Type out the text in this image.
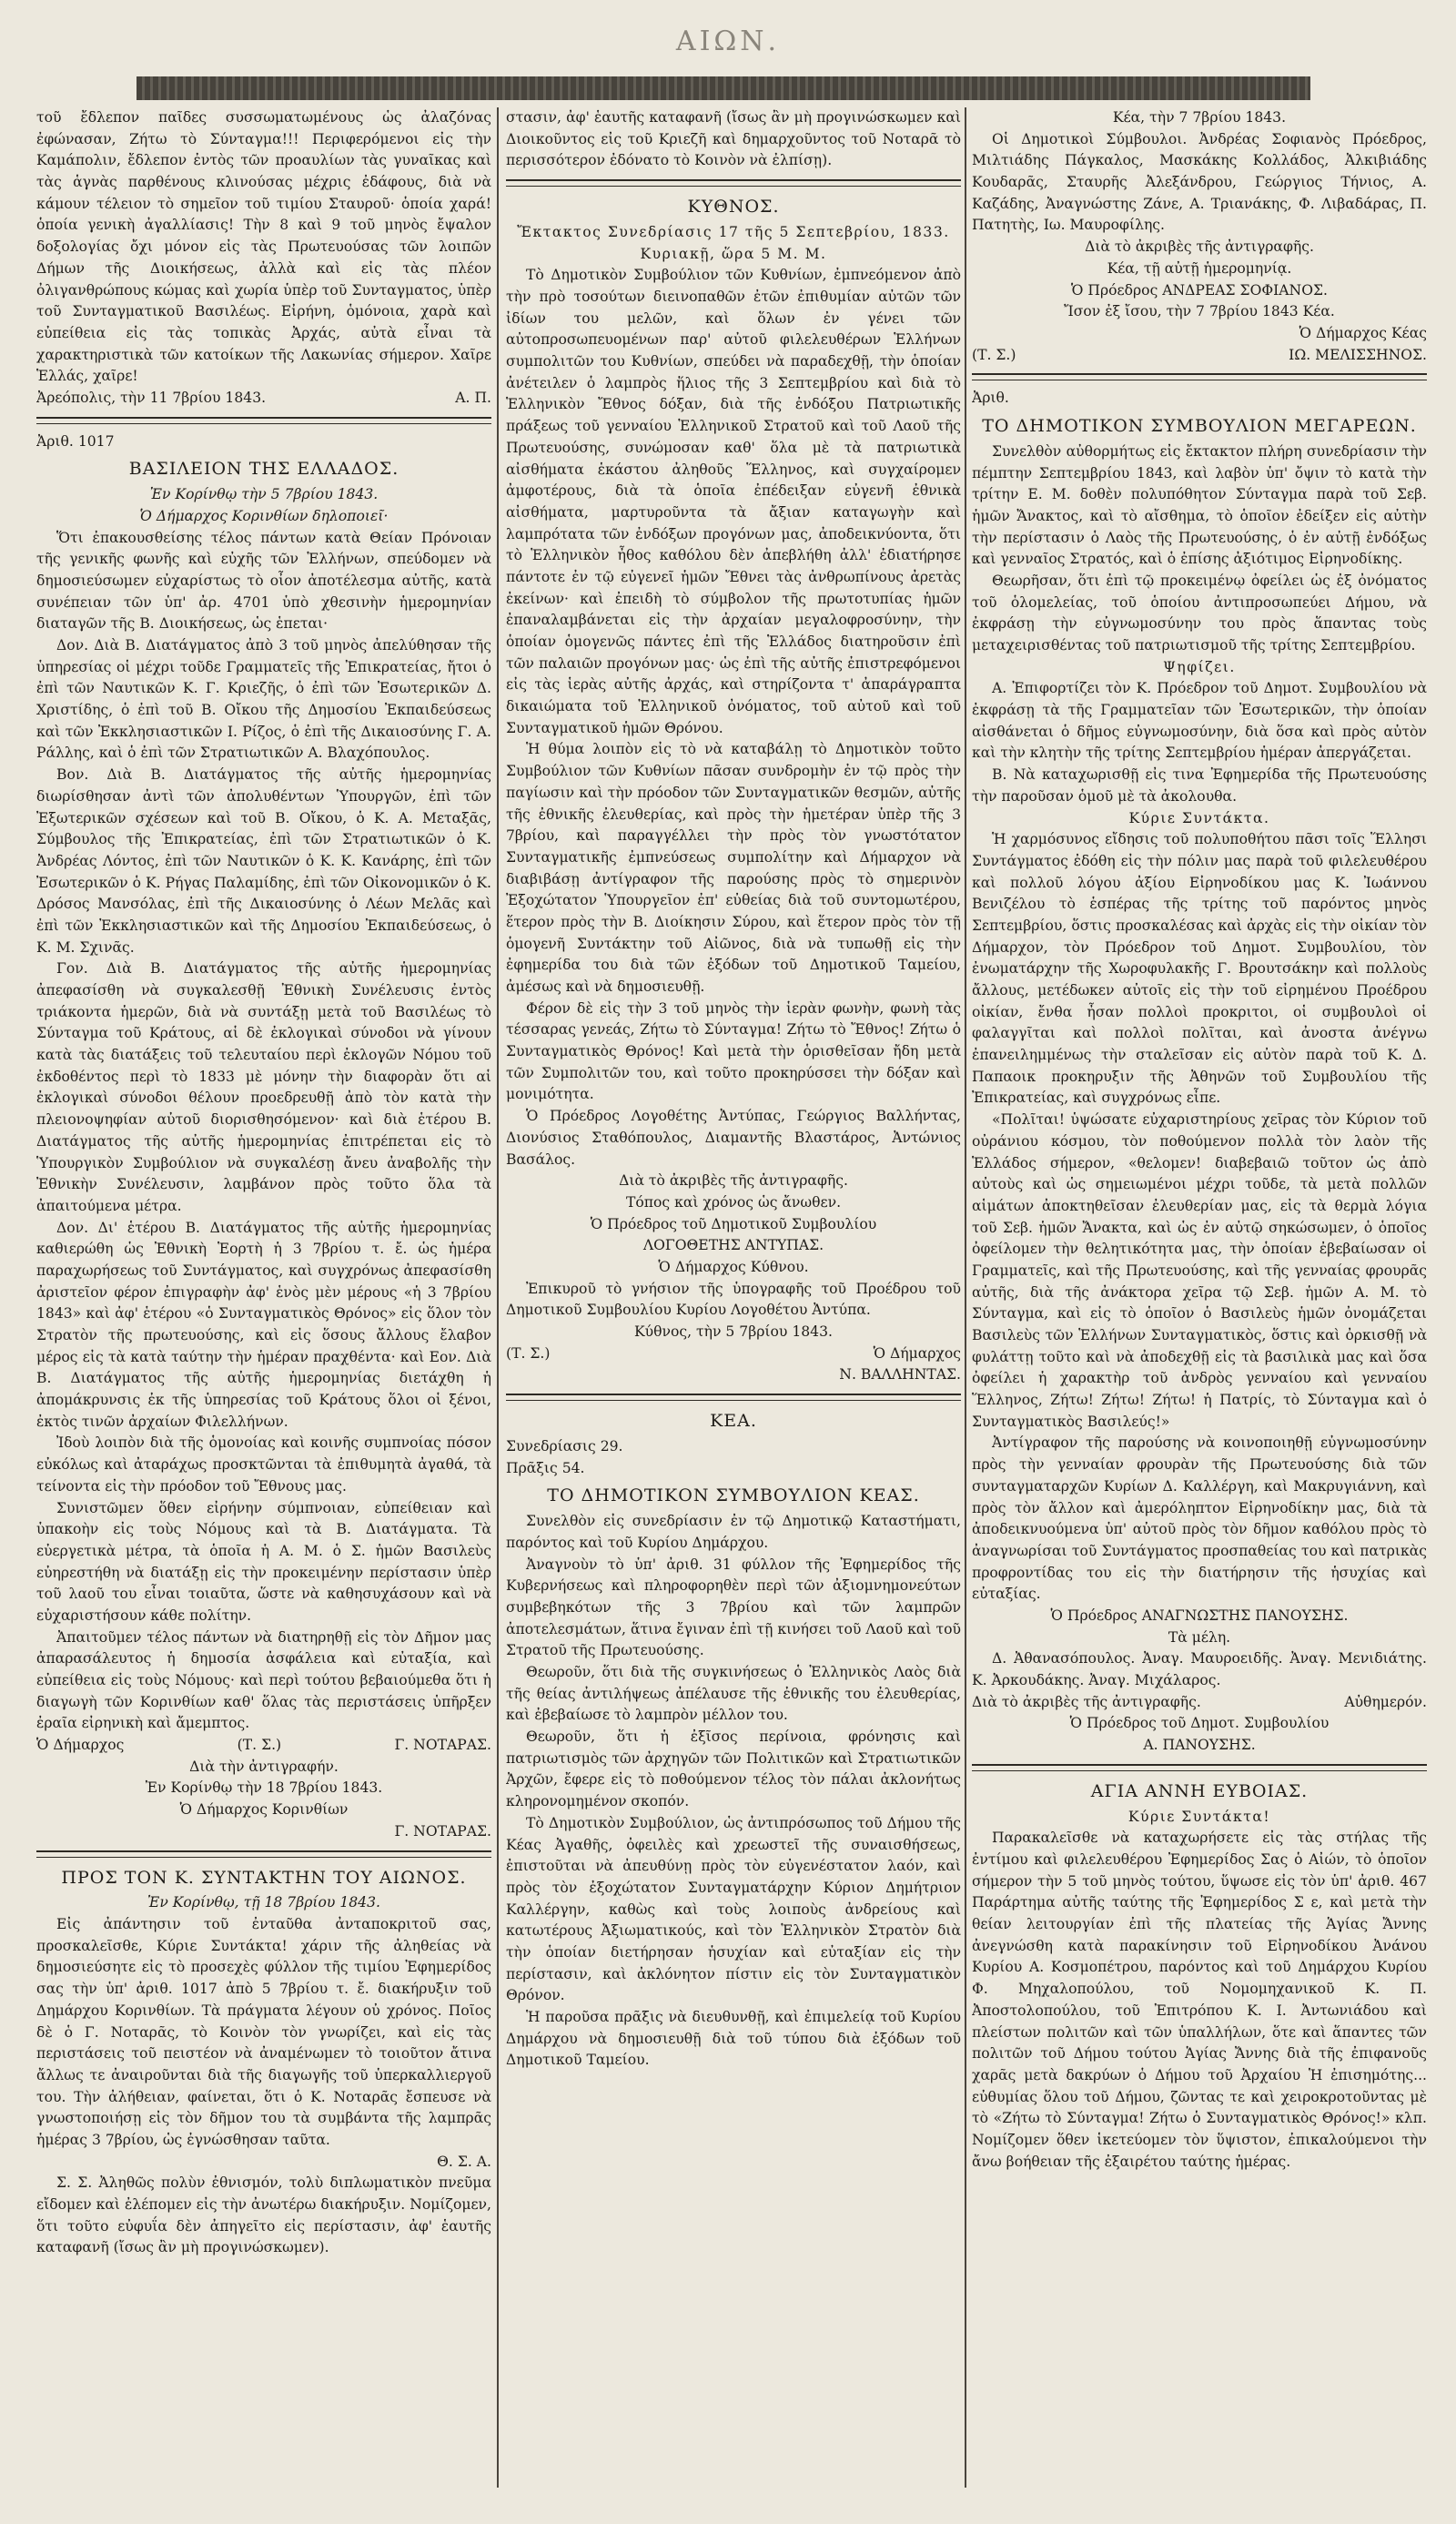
ΑΙΩΝ.

τοῦ ἔδλεπον παῖδες συσσωματωμένους ὡς ἀλαζόνας ἐφώνασαν, Ζήτω τὸ Σύνταγμα!!! Περιφερόμενοι εἰς τὴν Καμάπολιν, ἔδλεπον ἐντὸς τῶν προαυλίων τὰς γυναῖκας καὶ τὰς ἁγνὰς παρθένους κλινούσας μέχρις ἐδάφους, διὰ νὰ κάμουν τέλειον τὸ σημεῖον τοῦ τιμίου Σταυροῦ· ὁποία χαρά! ὁποία γενικὴ ἀγαλλίασις! Τὴν 8 καὶ 9 τοῦ μηνὸς ἔψαλον δοξολογίας ὄχι μόνον εἰς τὰς Πρωτευούσας τῶν λοιπῶν Δήμων τῆς Διοικήσεως, ἀλλὰ καὶ εἰς τὰς πλέον ὀλιγανθρώπους κώμας καὶ χωρία ὑπὲρ τοῦ Συνταγματος, ὑπὲρ τοῦ Συνταγματικοῦ Βασιλέως. Εἰρήνη, ὁμόνοια, χαρὰ καὶ εὐπείθεια εἰς τὰς τοπικὰς Ἀρχάς, αὐτὰ εἶναι τὰ χαρακτηριστικὰ τῶν κατοίκων τῆς Λακωνίας σήμερον. Χαῖρε Ἑλλάς, χαῖρε!

Ἀρεόπολις, τὴν 11 7βρίου 1843.	Α. Π.

Ἀριθ. 1017

ΒΑΣΙΛΕΙΟΝ ΤΗΣ ΕΛΛΑΔΟΣ.

Ἐν Κορίνθῳ τὴν 5 7βρίου 1843.

Ὁ Δήμαρχος Κορινθίων δηλοποιεῖ·

Ὅτι ἐπακουσθείσης τέλος πάντων κατὰ Θείαν Πρόνοιαν τῆς γενικῆς φωνῆς καὶ εὐχῆς τῶν Ἑλλήνων, σπεύδομεν νὰ δημοσιεύσωμεν εὐχαρίστως τὸ οἶον ἀποτέλεσμα αὐτῆς, κατὰ συνέπειαν τῶν ὑπ' ἀρ. 4701 ὑπὸ χθεσινὴν ἡμερομηνίαν διαταγῶν τῆς Β. Διοικήσεως, ὡς ἑπεται·

Δον. Διὰ Β. Διατάγματος ἀπὸ 3 τοῦ μηνὸς ἀπελύθησαν τῆς ὑπηρεσίας οἱ μέχρι τοῦδε Γραμματεῖς τῆς Ἐπικρατείας, ἤτοι ὁ ἐπὶ τῶν Ναυτικῶν Κ. Γ. Κριεζῆς, ὁ ἐπὶ τῶν Ἐσωτερικῶν Δ. Χριστίδης, ὁ ἐπὶ τοῦ Β. Οἴκου τῆς Δημοσίου Ἐκπαιδεύσεως καὶ τῶν Ἐκκλησιαστικῶν Ι. Ρίζος, ὁ ἐπὶ τῆς Δικαιοσύνης Γ. Α. Ράλλης, καὶ ὁ ἐπὶ τῶν Στρατιωτικῶν Α. Βλαχόπουλος.

Βον. Διὰ Β. Διατάγματος τῆς αὐτῆς ἡμερομηνίας διωρίσθησαν ἀντὶ τῶν ἀπολυθέντων Ὑπουργῶν, ἐπὶ τῶν Ἐξωτερικῶν σχέσεων καὶ τοῦ Β. Οἴκου, ὁ Κ. Α. Μεταξᾶς, Σύμβουλος τῆς Ἐπικρατείας, ἐπὶ τῶν Στρατιωτικῶν ὁ Κ. Ἀνδρέας Λόντος, ἐπὶ τῶν Ναυτικῶν ὁ Κ. Κ. Κανάρης, ἐπὶ τῶν Ἐσωτερικῶν ὁ Κ. Ρήγας Παλαμίδης, ἐπὶ τῶν Οἰκονομικῶν ὁ Κ. Δρόσος Μανσόλας, ἐπὶ τῆς Δικαιοσύνης ὁ Λέων Μελᾶς καὶ ἐπὶ τῶν Ἐκκλησιαστικῶν καὶ τῆς Δημοσίου Ἐκπαιδεύσεως, ὁ Κ. Μ. Σχινᾶς.

Γον. Διὰ Β. Διατάγματος τῆς αὐτῆς ἡμερομηνίας ἀπεφασίσθη νὰ συγκαλεσθῇ Ἐθνικὴ Συνέλευσις ἐντὸς τριάκοντα ἡμερῶν, διὰ νὰ συντάξῃ μετὰ τοῦ Βασιλέως τὸ Σύνταγμα τοῦ Κράτους, αἱ δὲ ἐκλογικαὶ σύνοδοι νὰ γίνουν κατὰ τὰς διατάξεις τοῦ τελευταίου περὶ ἐκλογῶν Νόμου τοῦ ἐκδοθέντος περὶ τὸ 1833 μὲ μόνην τὴν διαφορὰν ὅτι αἱ ἐκλογικαὶ σύνοδοι θέλουν προεδρευθῇ ἀπὸ τὸν κατὰ τὴν πλειονοψηφίαν αὐτοῦ διορισθησόμενον· καὶ διὰ ἑτέρου Β. Διατάγματος τῆς αὐτῆς ἡμερομηνίας ἐπιτρέπεται εἰς τὸ Ὑπουργικὸν Συμβούλιον νὰ συγκαλέσῃ ἄνευ ἀναβολῆς τὴν Ἐθνικὴν Συνέλευσιν, λαμβάνον πρὸς τοῦτο ὅλα τὰ ἀπαιτούμενα μέτρα.

Δον. Δι' ἑτέρου Β. Διατάγματος τῆς αὐτῆς ἡμερομηνίας καθιερώθη ὡς Ἐθνικὴ Ἑορτὴ ἡ 3 7βρίου τ. ἔ. ὡς ἡμέρα παραχωρήσεως τοῦ Συντάγματος, καὶ συγχρόνως ἀπεφασίσθη ἀριστεῖον φέρον ἐπιγραφὴν ἀφ' ἑνὸς μὲν μέρους «ἡ 3 7βρίου 1843» καὶ ἀφ' ἑτέρου «ὁ Συνταγματικὸς Θρόνος» εἰς ὅλον τὸν Στρατὸν τῆς πρωτευούσης, καὶ εἰς ὅσους ἄλλους ἔλαβον μέρος εἰς τὰ κατὰ ταύτην τὴν ἡμέραν πραχθέντα· καὶ Εον. Διὰ Β. Διατάγματος τῆς αὐτῆς ἡμερομηνίας διετάχθη ἡ ἀπομάκρυνσις ἐκ τῆς ὑπηρεσίας τοῦ Κράτους ὅλοι οἱ ξένοι, ἐκτὸς τινῶν ἀρχαίων Φιλελλήνων.

Ἰδοὺ λοιπὸν διὰ τῆς ὁμονοίας καὶ κοινῆς συμπνοίας πόσον εὐκόλως καὶ ἀταράχως προσκτῶνται τὰ ἐπιθυμητὰ ἀγαθά, τὰ τείνοντα εἰς τὴν πρόοδον τοῦ Ἔθνους μας.

Συνιστῶμεν ὅθεν εἰρήνην σύμπνοιαν, εὐπείθειαν καὶ ὑπακοὴν εἰς τοὺς Νόμους καὶ τὰ Β. Διατάγματα. Τὰ εὐεργετικὰ μέτρα, τὰ ὁποῖα ἡ Α. Μ. ὁ Σ. ἡμῶν Βασιλεὺς εὐηρεστήθη νὰ διατάξῃ εἰς τὴν προκειμένην περίστασιν ὑπὲρ τοῦ λαοῦ του εἶναι τοιαῦτα, ὥστε νὰ καθησυχάσουν καὶ νὰ εὐχαριστήσουν κάθε πολίτην.

Ἀπαιτοῦμεν τέλος πάντων νὰ διατηρηθῇ εἰς τὸν Δῆμον μας ἀπαρασάλευτος ἡ δημοσία ἀσφάλεια καὶ εὐταξία, καὶ εὐπείθεια εἰς τοὺς Νόμους· καὶ περὶ τούτου βεβαιούμεθα ὅτι ἡ διαγωγὴ τῶν Κορινθίων καθ' ὅλας τὰς περιστάσεις ὑπῆρξεν ἐραῖα εἰρηνικὴ καὶ ἄμεμπτος.

Ὁ Δήμαρχος	(Τ. Σ.)	Γ. ΝΟΤΑΡΑΣ.

Διὰ τὴν ἀντιγραφήν.

Ἐν Κορίνθῳ τὴν 18 7βρίου 1843.

Ὁ Δήμαρχος Κορινθίων

Γ. ΝΟΤΑΡΑΣ.

ΠΡΟΣ ΤΟΝ Κ. ΣΥΝΤΑΚΤΗΝ ΤΟΥ ΑΙΩΝΟΣ.

Ἐν Κορίνθῳ, τῇ 18 7βρίου 1843.

Εἰς ἀπάντησιν τοῦ ἐνταῦθα ἀνταποκριτοῦ σας, προσκαλεῖσθε, Κύριε Συντάκτα! χάριν τῆς ἀληθείας νὰ δημοσιεύσητε εἰς τὸ προσεχὲς φύλλον τῆς τιμίου Ἐφημερίδος σας τὴν ὑπ' ἀριθ. 1017 ἀπὸ 5 7βρίου τ. ἔ. διακήρυξιν τοῦ Δημάρχου Κορινθίων. Τὰ πράγματα λέγουν οὐ χρόνος. Ποῖος δὲ ὁ Γ. Νοταρᾶς, τὸ Κοινὸν τὸν γνωρίζει, καὶ εἰς τὰς περιστάσεις τοῦ πειστέον νὰ ἀναμένωμεν τὸ τοιοῦτον ἄτινα ἄλλως τε ἀναιροῦνται διὰ τῆς διαγωγῆς τοῦ ὑπερκαλλιεργοῦ του. Τὴν ἀλήθειαν, φαίνεται, ὅτι ὁ Κ. Νοταρᾶς ἔσπευσε νὰ γνωστοποιήσῃ εἰς τὸν δῆμον του τὰ συμβάντα τῆς λαμπρᾶς ἡμέρας 3 7βρίου, ὡς ἐγνώσθησαν ταῦτα.

Θ. Σ. Α.

Σ. Σ. Ἀληθῶς πολὺν ἐθνισμόν, τολὺ διπλωματικὸν πνεῦμα εἴδομεν καὶ ἐλέπομεν εἰς τὴν ἀνωτέρω διακήρυξιν. Νομίζομεν, ὅτι τοῦτο εὐφυΐα δὲν ἀπηγεῖτο εἰς περίστασιν, ἀφ' ἑαυτῆς καταφανῆ (ἴσως ἂν μὴ προγινώσκωμεν).

στασιν, ἀφ' ἑαυτῆς καταφανῆ (ἴσως ἂν μὴ προγινώσκωμεν καὶ Διοικοῦντος εἰς τοῦ Κριεζῆ καὶ δημαρχοῦντος τοῦ Νοταρᾶ τὸ περισσότερον ἐδόνατο τὸ Κοινὸν νὰ ἐλπίσῃ).

ΚΥΘΝΟΣ.

Ἔκτακτος Συνεδρίασις 17 τῆς 5 Σεπτεβρίου, 1833. Κυριακῇ, ὥρα 5 Μ. Μ.

Τὸ Δημοτικὸν Συμβούλιον τῶν Κυθνίων, ἐμπνεόμενον ἀπὸ τὴν πρὸ τοσούτων διεινοπαθῶν ἐτῶν ἐπιθυμίαν αὐτῶν τῶν ἰδίων του μελῶν, καὶ ὅλων ἐν γένει τῶν αὐτοπροσωπευομένων παρ' αὐτοῦ φιλελευθέρων Ἑλλήνων συμπολιτῶν του Κυθνίων, σπεύδει νὰ παραδεχθῇ, τὴν ὁποίαν ἀνέτειλεν ὁ λαμπρὸς ἥλιος τῆς 3 Σεπτεμβρίου καὶ διὰ τὸ Ἑλληνικὸν Ἔθνος δόξαν, διὰ τῆς ἐνδόξου Πατριωτικῆς πράξεως τοῦ γενναίου Ἑλληνικοῦ Στρατοῦ καὶ τοῦ Λαοῦ τῆς Πρωτευούσης, συνώμοσαν καθ' ὅλα μὲ τὰ πατριωτικὰ αἰσθήματα ἑκάστου ἀληθοῦς Ἕλληνος, καὶ συγχαίρομεν ἀμφοτέρους, διὰ τὰ ὁποῖα ἐπέδειξαν εὐγενῆ ἐθνικὰ αἰσθήματα, μαρτυροῦντα τὰ ἄξιαν καταγωγὴν καὶ λαμπρότατα τῶν ἐνδόξων προγόνων μας, ἀποδεικνύοντα, ὅτι τὸ Ἑλληνικὸν ἦθος καθόλου δὲν ἀπεβλήθη ἀλλ' ἐδιατήρησε πάντοτε ἐν τῷ εὐγενεῖ ἡμῶν Ἔθνει τὰς ἀνθρωπίνους ἀρετὰς ἐκείνων· καὶ ἐπειδὴ τὸ σύμβολον τῆς πρωτοτυπίας ἡμῶν ἐπαναλαμβάνεται εἰς τὴν ἀρχαίαν μεγαλοφροσύνην, τὴν ὁποίαν ὁμογενῶς πάντες ἐπὶ τῆς Ἑλλάδος διατηροῦσιν ἐπὶ τῶν παλαιῶν προγόνων μας· ὡς ἐπὶ τῆς αὐτῆς ἐπιστρεφόμενοι εἰς τὰς ἱερὰς αὐτῆς ἀρχάς, καὶ στηρίζοντα τ' ἀπαράγραπτα δικαιώματα τοῦ Ἑλληνικοῦ ὀνόματος, τοῦ αὐτοῦ καὶ τοῦ Συνταγματικοῦ ἡμῶν Θρόνου.

Ἡ θύμα λοιπὸν εἰς τὸ νὰ καταβάλῃ τὸ Δημοτικὸν τοῦτο Συμβούλιον τῶν Κυθνίων πᾶσαν συνδρομὴν ἐν τῷ πρὸς τὴν παγίωσιν καὶ τὴν πρόοδον τῶν Συνταγματικῶν θεσμῶν, αὐτῆς τῆς ἐθνικῆς ἐλευθερίας, καὶ πρὸς τὴν ἡμετέραν ὑπὲρ τῆς 3 7βρίου, καὶ παραγγέλλει τὴν πρὸς τὸν γνωστότατον Συνταγματικῆς ἐμπνεύσεως συμπολίτην καὶ Δήμαρχον νὰ διαβιβάσῃ ἀντίγραφον τῆς παρούσης πρὸς τὸ σημερινὸν Ἐξοχώτατον Ὑπουργεῖον ἐπ' εὐθείας διὰ τοῦ συντομωτέρου, ἕτερον πρὸς τὴν Β. Διοίκησιν Σύρου, καὶ ἕτερον πρὸς τὸν τῇ ὁμογενῆ Συντάκτην τοῦ Αἰῶνος, διὰ νὰ τυπωθῇ εἰς τὴν ἐφημερίδα του διὰ τῶν ἐξόδων τοῦ Δημοτικοῦ Ταμείου, ἀμέσως καὶ νὰ δημοσιευθῇ.

Φέρον δὲ εἰς τὴν 3 τοῦ μηνὸς τὴν ἱερὰν φωνὴν, φωνὴ τὰς τέσσαρας γενεάς, Ζήτω τὸ Σύνταγμα! Ζήτω τὸ Ἔθνος! Ζήτω ὁ Συνταγματικὸς Θρόνος! Καὶ μετὰ τὴν ὁρισθεῖσαν ἤδη μετὰ τῶν Συμπολιτῶν του, καὶ τοῦτο προκηρύσσει τὴν δόξαν καὶ μονιμότητα.

Ὁ Πρόεδρος Λογοθέτης Ἀντύπας, Γεώργιος Βαλλήντας, Διονύσιος Σταθόπουλος, Διαμαντῆς Βλαστάρος, Ἀντώνιος Βασάλος.

Διὰ τὸ ἀκριβὲς τῆς ἀντιγραφῆς.

Τόπος καὶ χρόνος ὡς ἄνωθεν.

Ὁ Πρόεδρος τοῦ Δημοτικοῦ Συμβουλίου

ΛΟΓΟΘΕΤΗΣ ΑΝΤΥΠΑΣ.

Ὁ Δήμαρχος Κύθνου.

Ἐπικυροῦ τὸ γνήσιον τῆς ὑπογραφῆς τοῦ Προέδρου τοῦ Δημοτικοῦ Συμβουλίου Κυρίου Λογοθέτου Ἀντύπα.

Κύθνος, τὴν 5 7βρίου 1843.

(Τ. Σ.)	Ὁ Δήμαρχος

Ν. ΒΑΛΛΗΝΤΑΣ.

ΚΕΑ.

Συνεδρίασις 29.

Πρᾶξις 54.

ΤΟ ΔΗΜΟΤΙΚΟΝ ΣΥΜΒΟΥΛΙΟΝ ΚΕΑΣ.

Συνελθὸν εἰς συνεδρίασιν ἐν τῷ Δημοτικῷ Καταστήματι, παρόντος καὶ τοῦ Κυρίου Δημάρχου.

Ἀναγνοὺν τὸ ὑπ' ἀριθ. 31 φύλλον τῆς Ἐφημερίδος τῆς Κυβερνήσεως καὶ πληροφορηθὲν περὶ τῶν ἀξιομνημονεύτων συμβεβηκότων τῆς 3 7βρίου καὶ τῶν λαμπρῶν ἀποτελεσμάτων, ἅτινα ἔγιναν ἐπὶ τῇ κινήσει τοῦ Λαοῦ καὶ τοῦ Στρατοῦ τῆς Πρωτευούσης.

Θεωροῦν, ὅτι διὰ τῆς συγκινήσεως ὁ Ἑλληνικὸς Λαὸς διὰ τῆς θείας ἀντιλήψεως ἀπέλαυσε τῆς ἐθνικῆς του ἐλευθερίας, καὶ ἐβεβαίωσε τὸ λαμπρὸν μέλλον του.

Θεωροῦν, ὅτι ἡ ἐξῖσος περίνοια, φρόνησις καὶ πατριωτισμὸς τῶν ἀρχηγῶν τῶν Πολιτικῶν καὶ Στρατιωτικῶν Ἀρχῶν, ἔφερε εἰς τὸ ποθούμενον τέλος τὸν πάλαι ἀκλονήτως κληρονομημένον σκοπόν.

Τὸ Δημοτικὸν Συμβούλιον, ὡς ἀντιπρόσωπος τοῦ Δήμου τῆς Κέας Ἀγαθῆς, ὀφειλὲς καὶ χρεωστεῖ τῆς συναισθήσεως, ἐπιστοῦται νὰ ἀπευθύνῃ πρὸς τὸν εὐγενέστατον λαόν, καὶ πρὸς τὸν ἐξοχώτατον Συνταγματάρχην Κύριον Δημήτριον Καλλέργην, καθὼς καὶ τοὺς λοιποὺς ἀνδρείους καὶ κατωτέρους Ἀξιωματικούς, καὶ τὸν Ἑλληνικὸν Στρατὸν διὰ τὴν ὁποίαν διετήρησαν ἡσυχίαν καὶ εὐταξίαν εἰς τὴν περίστασιν, καὶ ἀκλόνητον πίστιν εἰς τὸν Συνταγματικὸν Θρόνον.

Ἡ παροῦσα πρᾶξις νὰ διευθυνθῇ, καὶ ἐπιμελείᾳ τοῦ Κυρίου Δημάρχου νὰ δημοσιευθῇ διὰ τοῦ τύπου διὰ ἐξόδων τοῦ Δημοτικοῦ Ταμείου.

Κέα, τὴν 7 7βρίου 1843.

Οἱ Δημοτικοὶ Σύμβουλοι. Ἀνδρέας Σοφιανὸς Πρόεδρος, Μιλτιάδης Πάγκαλος, Μασκάκης Κολλάδος, Ἀλκιβιάδης Κουδαρᾶς, Σταυρῆς Ἀλεξάνδρου, Γεώργιος Τήνιος, Α. Καζάδης, Ἀναγνώστης Ζάνε, Α. Τριανάκης, Φ. Λιβαδάρας, Π. Πατητὴς, Ιω. Μαυροφίλης.

Διὰ τὸ ἀκριβὲς τῆς ἀντιγραφῆς.

Κέα, τῇ αὐτῇ ἡμερομηνίᾳ.

Ὁ Πρόεδρος ΑΝΔΡΕΑΣ ΣΟΦΙΑΝΟΣ.

Ἴσον ἐξ ἴσου, τὴν 7 7βρίου 1843 Κέα.

Ὁ Δήμαρχος Κέας

(Τ. Σ.)	ΙΩ. ΜΕΛΙΣΣΗΝΟΣ.

Ἀριθ.

ΤΟ ΔΗΜΟΤΙΚΟΝ ΣΥΜΒΟΥΛΙΟΝ ΜΕΓΑΡΕΩΝ.

Συνελθὸν αὐθορμήτως εἰς ἔκτακτον πλήρη συνεδρίασιν τὴν πέμπτην Σεπτεμβρίου 1843, καὶ λαβὸν ὑπ' ὄψιν τὸ κατὰ τὴν τρίτην Ε. Μ. δοθὲν πολυπόθητον Σύνταγμα παρὰ τοῦ Σεβ. ἡμῶν Ἄνακτος, καὶ τὸ αἴσθημα, τὸ ὁποῖον ἐδείξεν εἰς αὐτὴν τὴν περίστασιν ὁ Λαὸς τῆς Πρωτευούσης, ὁ ἐν αὐτῇ ἐνδόξως καὶ γενναῖος Στρατός, καὶ ὁ ἐπίσης ἀξιότιμος Εἰρηνοδίκης.

Θεωρῆσαν, ὅτι ἐπὶ τῷ προκειμένῳ ὀφείλει ὡς ἐξ ὀνόματος τοῦ ὁλομελείας, τοῦ ὁποίου ἀντιπροσωπεύει Δήμου, νὰ ἐκφράσῃ τὴν εὐγνωμοσύνην του πρὸς ἅπαντας τοὺς μεταχειρισθέντας τοῦ πατριωτισμοῦ τῆς τρίτης Σεπτεμβρίου.

Ψηφίζει.

Α. Ἐπιφορτίζει τὸν Κ. Πρόεδρον τοῦ Δημοτ. Συμβουλίου νὰ ἐκφράσῃ τὰ τῆς Γραμματεῖαν τῶν Ἐσωτερικῶν, τὴν ὁποίαν αἰσθάνεται ὁ δῆμος εὐγνωμοσύνην, διὰ ὅσα καὶ πρὸς αὐτὸν καὶ τὴν κλητὴν τῆς τρίτης Σεπτεμβρίου ἡμέραν ἀπεργάζεται.

Β. Νὰ καταχωρισθῇ εἰς τινα Ἐφημερίδα τῆς Πρωτευούσης τὴν παροῦσαν ὁμοῦ μὲ τὰ ἀκολουθα.

Κύριε Συντάκτα.

Ἡ χαρμόσυνος εἴδησις τοῦ πολυποθήτου πᾶσι τοῖς Ἕλλησι Συντάγματος ἐδόθη εἰς τὴν πόλιν μας παρὰ τοῦ φιλελευθέρου καὶ πολλοῦ λόγου ἀξίου Εἰρηνοδίκου μας Κ. Ἰωάννου Βενιζέλου τὸ ἑσπέρας τῆς τρίτης τοῦ παρόντος μηνὸς Σεπτεμβρίου, ὅστις προσκαλέσας καὶ ἀρχὰς εἰς τὴν οἰκίαν τὸν Δήμαρχον, τὸν Πρόεδρον τοῦ Δημοτ. Συμβουλίου, τὸν ἐνωματάρχην τῆς Χωροφυλακῆς Γ. Βρουτσάκην καὶ πολλοὺς ἄλλους, μετέδωκεν αὐτοῖς εἰς τὴν τοῦ εἰρημένου Προέδρου οἰκίαν, ἔνθα ἦσαν πολλοὶ προκριτοι, οἱ συμβουλοὶ οἱ φαλαγγῖται καὶ πολλοὶ πολῖται, καὶ ἀνοστα ἀνέγνω ἐπανειλημμένως τὴν σταλεῖσαν εἰς αὐτὸν παρὰ τοῦ Κ. Δ. Παπαοικ προκηρυξιν τῆς Ἀθηνῶν τοῦ Συμβουλίου τῆς Ἐπικρατείας, καὶ συγχρόνως εἶπε.

«Πολῖται! ὑψώσατε εὐχαριστηρίους χεῖρας τὸν Κύριον τοῦ οὐράνιου κόσμου, τὸν ποθούμενον πολλὰ τὸν λαὸν τῆς Ἑλλάδος σήμερον, «θελομεν! διαβεβαιῶ τοῦτον ὡς ἀπὸ αὐτοὺς καὶ ὡς σημειωμένοι μέχρι τοῦδε, τὰ μετὰ πολλῶν αἱμάτων ἀποκτηθεῖσαν ἐλευθερίαν μας, εἰς τὰ θερμὰ λόγια τοῦ Σεβ. ἡμῶν Ἄνακτα, καὶ ὡς ἐν αὐτῷ σηκώσωμεν, ὁ ὁποῖος ὀφείλομεν τὴν θελητικότητα μας, τὴν ὁποίαν ἐβεβαίωσαν οἱ Γραμματεῖς, καὶ τῆς Πρωτευούσης, καὶ τῆς γενναίας φρουρᾶς αὐτῆς, διὰ τῆς ἀνάκτορα χεῖρα τῷ Σεβ. ἡμῶν Α. Μ. τὸ Σύνταγμα, καὶ εἰς τὸ ὁποῖον ὁ Βασιλεὺς ἡμῶν ὀνομάζεται Βασιλεὺς τῶν Ἑλλήνων Συνταγματικὸς, ὅστις καὶ ὀρκισθῇ νὰ φυλάττῃ τοῦτο καὶ νὰ ἀποδεχθῇ εἰς τὰ βασιλικὰ μας καὶ ὅσα ὀφείλει ἡ χαρακτὴρ τοῦ ἀνδρὸς γενναίου καὶ γενναίου Ἕλληνος, Ζήτω! Ζήτω! Ζήτω! ἡ Πατρίς, τὸ Σύνταγμα καὶ ὁ Συνταγματικὸς Βασιλεύς!»

Ἀντίγραφον τῆς παρούσης νὰ κοινοποιηθῇ εὐγνωμοσύνην πρὸς τὴν γενναίαν φρουρὰν τῆς Πρωτευούσης διὰ τῶν συνταγματαρχῶν Κυρίων Δ. Καλλέργη, καὶ Μακρυγιάννη, καὶ πρὸς τὸν ἄλλον καὶ ἀμερόληπτον Εἰρηνοδίκην μας, διὰ τὰ ἀποδεικνυούμενα ὑπ' αὐτοῦ πρὸς τὸν δῆμον καθόλου πρὸς τὸ ἀναγνωρίσαι τοῦ Συντάγματος προσπαθείας του καὶ πατρικὰς προφροντίδας του εἰς τὴν διατήρησιν τῆς ἡσυχίας καὶ εὐταξίας.

Ὁ Πρόεδρος ΑΝΑΓΝΩΣΤΗΣ ΠΑΝΟΥΣΗΣ.

Τὰ μέλη.

Δ. Ἀθανασόπουλος. Ἀναγ. Μαυροειδῆς. Ἀναγ. Μενιδιάτης. Κ. Ἀρκουδάκης. Ἀναγ. Μιχάλαρος.

Διὰ τὸ ἀκριβὲς τῆς ἀντιγραφῆς.	Αὐθημερόν.

Ὁ Πρόεδρος τοῦ Δημοτ. Συμβουλίου

Α. ΠΑΝΟΥΣΗΣ.

ΑΓΙΑ ΑΝΝΗ ΕΥΒΟΙΑΣ.

Κύριε Συντάκτα!

Παρακαλεῖσθε νὰ καταχωρήσετε εἰς τὰς στήλας τῆς ἐντίμου καὶ φιλελευθέρου Ἐφημερίδος Σας ὁ Αἰών, τὸ ὁποῖον σήμερον τὴν 5 τοῦ μηνὸς τούτου, ὕψωσε εἰς τὸν ὑπ' ἀριθ. 467 Παράρτημα αὐτῆς ταύτης τῆς Ἐφημερίδος Σ ε, καὶ μετὰ τὴν θείαν λειτουργίαν ἐπὶ τῆς πλατείας τῆς Ἁγίας Ἄννης ἀνεγνώσθη κατὰ παρακίνησιν τοῦ Εἰρηνοδίκου Ἀνάνου Κυρίου Α. Κοσμοπέτρου, παρόντος καὶ τοῦ Δημάρχου Κυρίου Φ. Μηχαλοπούλου, τοῦ Νομομηχανικοῦ Κ. Π. Ἀποστολοπούλου, τοῦ Ἐπιτρόπου Κ. Ι. Ἀντωνιάδου καὶ πλείστων πολιτῶν καὶ τῶν ὑπαλλήλων, ὅτε καὶ ἅπαντες τῶν πολιτῶν τοῦ Δήμου τούτου Ἁγίας Ἄννης διὰ τῆς ἐπιφανοῦς χαρᾶς μετὰ δακρύων ὁ Δήμου τοῦ Ἀρχαίου Ἡ ἐπισημότης... εὐθυμίας ὅλου τοῦ Δήμου, ζῶντας τε καὶ χειροκροτοῦντας μὲ τὸ «Ζήτω τὸ Σύνταγμα! Ζήτω ὁ Συνταγματικὸς Θρόνος!» κλπ. Νομίζομεν ὅθεν ἱκετεύομεν τὸν ὕψιστον, ἐπικαλούμενοι τὴν ἄνω βοήθειαν τῆς ἐξαιρέτου ταύτης ἡμέρας.
